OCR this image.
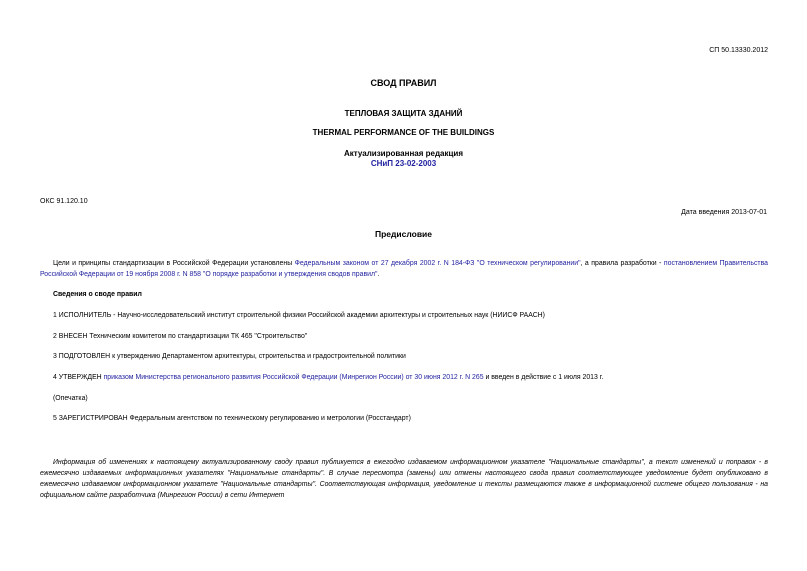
СП 50.13330.2012
СВОД ПРАВИЛ
ТЕПЛОВАЯ ЗАЩИТА ЗДАНИЙ
THERMAL PERFORMANCE OF THE BUILDINGS
Актуализированная редакция
СНиП 23-02-2003
ОКС 91.120.10
Дата введения 2013-07-01
Предисловие
Цели и принципы стандартизации в Российской Федерации установлены Федеральным законом от 27 декабря 2002 г. N 184-ФЗ "О техническом регулировании", а правила разработки - постановлением Правительства Российской Федерации от 19 ноября 2008 г. N 858 "О порядке разработки и утверждения сводов правил".
Сведения о своде правил
1 ИСПОЛНИТЕЛЬ - Научно-исследовательский институт строительной физики Российской академии архитектуры и строительных наук (НИИСФ РААСН)
2 ВНЕСЕН Техническим комитетом по стандартизации ТК 465 "Строительство"
3 ПОДГОТОВЛЕН к утверждению Департаментом архитектуры, строительства и градостроительной политики
4 УТВЕРЖДЕН приказом Министерства регионального развития Российской Федерации (Минрегион России) от 30 июня 2012 г. N 265 и введен в действие с 1 июля 2013 г.
(Опечатка)
5 ЗАРЕГИСТРИРОВАН Федеральным агентством по техническому регулированию и метрологии (Росстандарт)
Информация об изменениях к настоящему актуализированному своду правил публикуется в ежегодно издаваемом информационном указателе "Национальные стандарты", а текст изменений и поправок - в ежемесячно издаваемых информационных указателях "Национальные стандарты". В случае пересмотра (замены) или отмены настоящего свода правил соответствующее уведомление будет опубликовано в ежемесячно издаваемом информационном указателе "Национальные стандарты". Соответствующая информация, уведомление и тексты размещаются также в информационной системе общего пользования - на официальном сайте разработчика (Минрегион России) в сети Интернет
